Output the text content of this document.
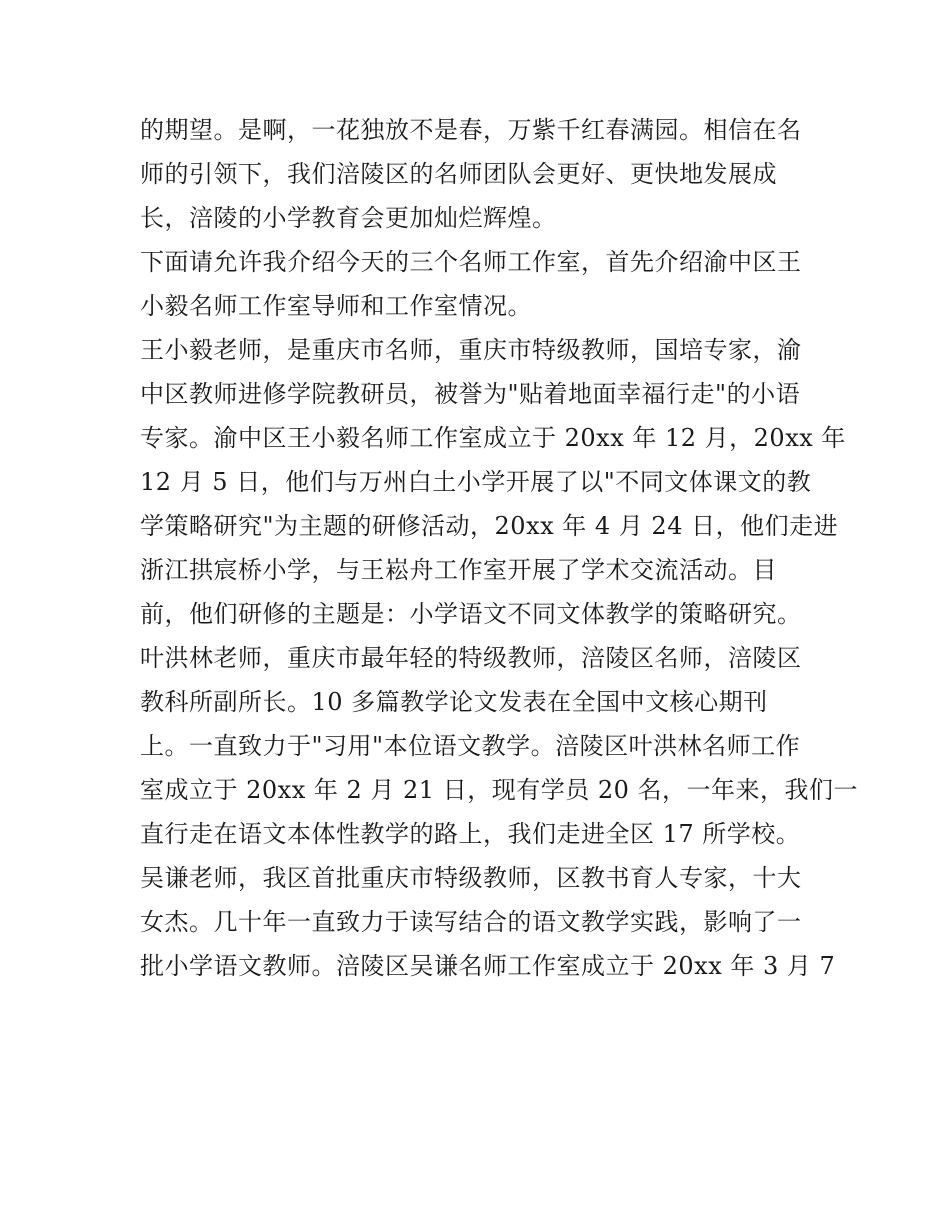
的期望。是啊，一花独放不是春，万紫千红春满园。相信在名
师的引领下，我们涪陵区的名师团队会更好、更快地发展成
长，涪陵的小学教育会更加灿烂辉煌。
下面请允许我介绍今天的三个名师工作室，首先介绍渝中区王
小毅名师工作室导师和工作室情况。
王小毅老师，是重庆市名师，重庆市特级教师，国培专家，渝
中区教师进修学院教研员，被誉为"贴着地面幸福行走"的小语
专家。渝中区王小毅名师工作室成立于 20xx 年 12 月，20xx 年
12 月 5 日，他们与万州白土小学开展了以"不同文体课文的教
学策略研究"为主题的研修活动，20xx 年 4 月 24 日，他们走进
浙江拱宸桥小学，与王崧舟工作室开展了学术交流活动。目
前，他们研修的主题是：小学语文不同文体教学的策略研究。
叶洪林老师，重庆市最年轻的特级教师，涪陵区名师，涪陵区
教科所副所长。10 多篇教学论文发表在全国中文核心期刊
上。一直致力于"习用"本位语文教学。涪陵区叶洪林名师工作
室成立于 20xx 年 2 月 21 日，现有学员 20 名，一年来，我们一
直行走在语文本体性教学的路上，我们走进全区 17 所学校。
吴谦老师，我区首批重庆市特级教师，区教书育人专家，十大
女杰。几十年一直致力于读写结合的语文教学实践，影响了一
批小学语文教师。涪陵区吴谦名师工作室成立于 20xx 年 3 月 7
